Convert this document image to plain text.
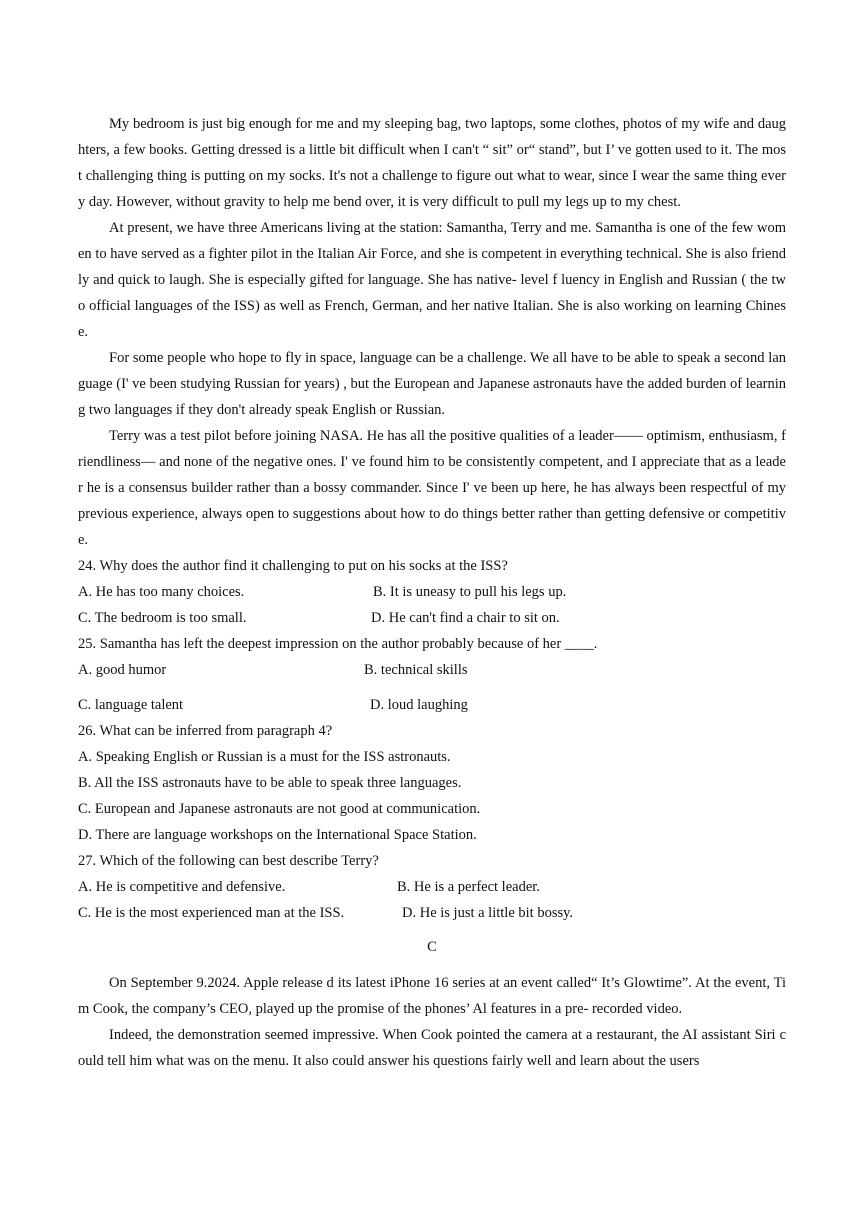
My bedroom is just big enough for me and my sleeping bag, two laptops, some clothes, photos of my wife and daughters, a few books. Getting dressed is a little bit difficult when I can't “ sit” or“ stand”, but I’ ve gotten used to it. The most challenging thing is putting on my socks. It's not a challenge to figure out what to wear, since I wear the same thing every day. However, without gravity to help me bend over, it is very difficult to pull my legs up to my chest.

At present, we have three Americans living at the station: Samantha, Terry and me. Samantha is one of the few women to have served as a fighter pilot in the Italian Air Force, and she is competent in everything technical. She is also friendly and quick to laugh. She is especially gifted for language. She has native- level f luency in English and Russian ( the two official languages of the ISS) as well as French, German, and her native Italian. She is also working on learning Chinese.

For some people who hope to fly in space, language can be a challenge. We all have to be able to speak a second language (I' ve been studying Russian for years) , but the European and Japanese astronauts have the added burden of learning two languages if they don't already speak English or Russian.

Terry was a test pilot before joining NASA. He has all the positive qualities of a leader—— optimism, enthusiasm, friendliness— and none of the negative ones. I' ve found him to be consistently competent, and I appreciate that as a leader he is a consensus builder rather than a bossy commander. Since I' ve been up here, he has always been respectful of my previous experience, always open to suggestions about how to do things better rather than getting defensive or competitive.

24. Why does the author find it challenging to put on his socks at the ISS?

A. He has too many choices.	B. It is uneasy to pull his legs up.
C. The bedroom is too small.	D. He can't find a chair to sit on.

25. Samantha has left the deepest impression on the author probably because of her ____.

A. good humor	B. technical skills
C. language talent	D. loud laughing

26. What can be inferred from paragraph 4?

A. Speaking English or Russian is a must for the ISS astronauts.

B. All the ISS astronauts have to be able to speak three languages.

C. European and Japanese astronauts are not good at communication.

D. There are language workshops on the International Space Station.

27. Which of the following can best describe Terry?

A. He is competitive and defensive.	B. He is a perfect leader.
C. He is the most experienced man at the ISS.	D. He is just a little bit bossy.
C

On September 9.2024. Apple release d its latest iPhone 16 series at an event called“ It’s Glowtime”. At the event, Tim Cook, the company’s CEO, played up the promise of the phones’ Al features in a pre- recorded video.

Indeed, the demonstration seemed impressive. When Cook pointed the camera at a restaurant, the AI assistant Siri could tell him what was on the menu. It also could answer his questions fairly well and learn about the users
